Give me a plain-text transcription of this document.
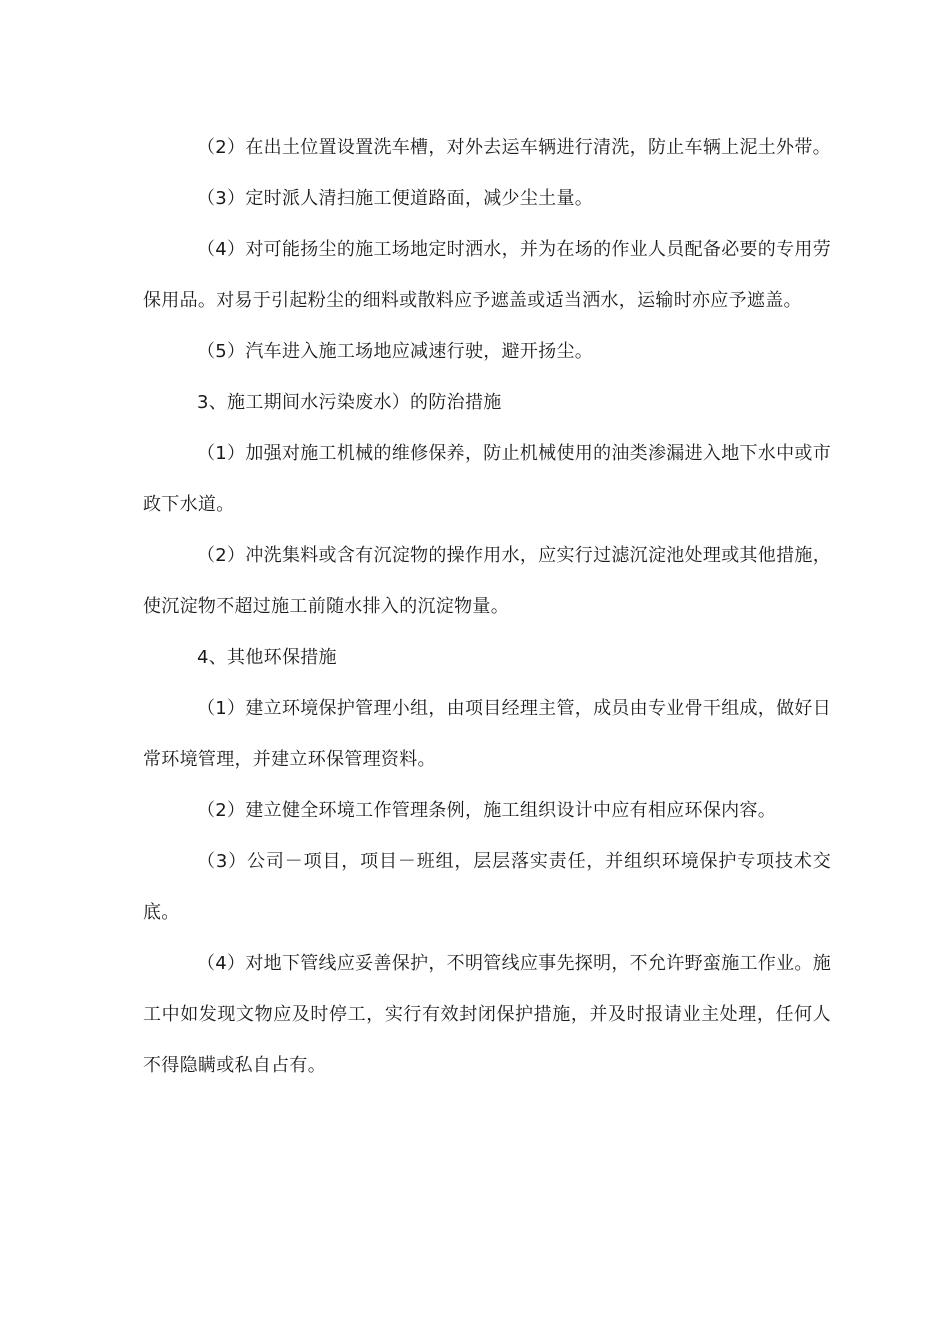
（2）在出土位置设置洗车槽，对外去运车辆进行清洗，防止车辆上泥土外带。

（3）定时派人清扫施工便道路面，减少尘土量。

（4）对可能扬尘的施工场地定时洒水，并为在场的作业人员配备必要的专用劳保用品。对易于引起粉尘的细料或散料应予遮盖或适当洒水，运输时亦应予遮盖。

（5）汽车进入施工场地应减速行驶，避开扬尘。

3、施工期间水污染废水）的防治措施

（1）加强对施工机械的维修保养，防止机械使用的油类渗漏进入地下水中或市政下水道。

（2）冲洗集料或含有沉淀物的操作用水，应实行过滤沉淀池处理或其他措施，使沉淀物不超过施工前随水排入的沉淀物量。

4、其他环保措施

（1）建立环境保护管理小组，由项目经理主管，成员由专业骨干组成，做好日常环境管理，并建立环保管理资料。

（2）建立健全环境工作管理条例，施工组织设计中应有相应环保内容。

（3）公司－项目，项目－班组，层层落实责任，并组织环境保护专项技术交底。

（4）对地下管线应妥善保护，不明管线应事先探明，不允许野蛮施工作业。施工中如发现文物应及时停工，实行有效封闭保护措施，并及时报请业主处理，任何人不得隐瞒或私自占有。
